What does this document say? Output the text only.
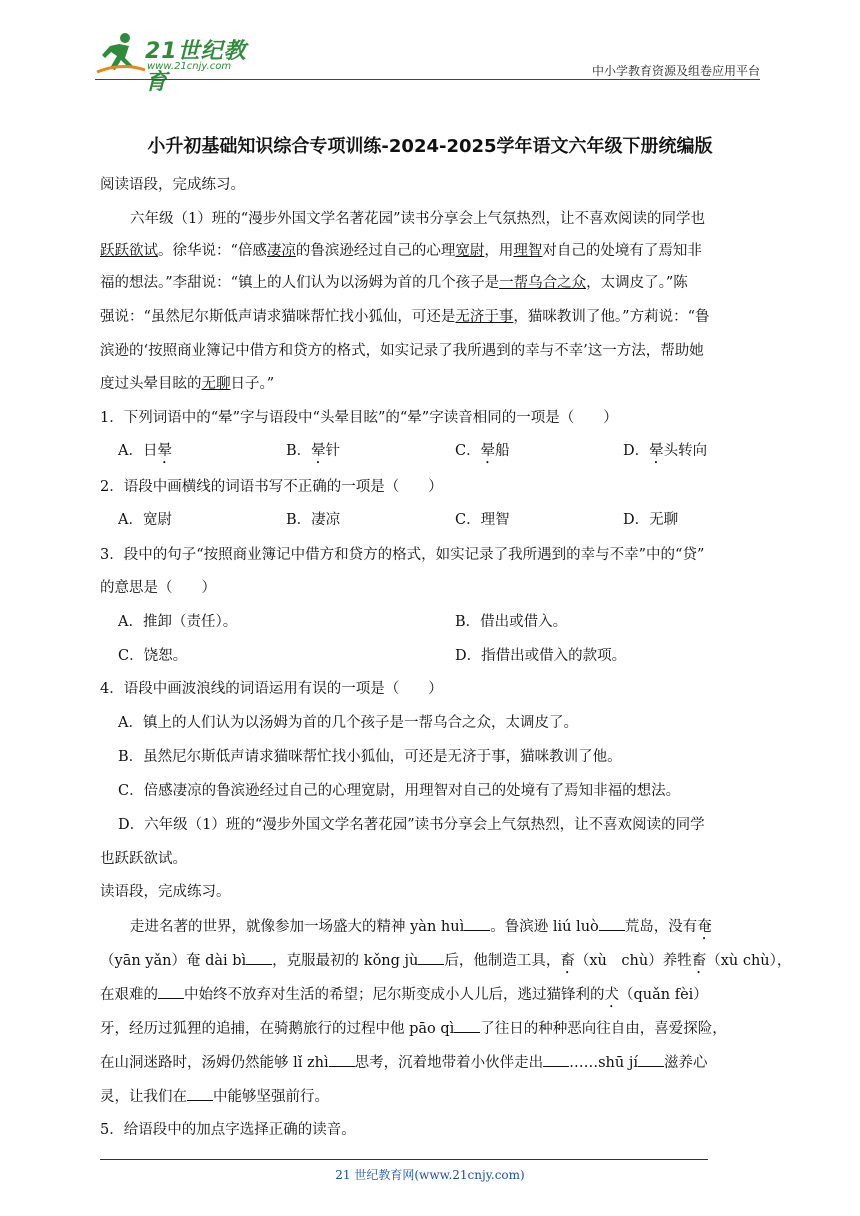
21世纪教育
www.21cnjy.com	中小学教育资源及组卷应用平台
小升初基础知识综合专项训练-2024-2025学年语文六年级下册统编版
阅读语段，完成练习。
六年级（1）班的“漫步外国文学名著花园”读书分享会上气氛热烈，让不喜欢阅读的同学也
跃跃欲试。徐华说：“倍感凄凉的鲁滨逊经过自己的心理宽尉，用理智对自己的处境有了焉知非
福的想法。”李甜说：“镇上的人们认为以汤姆为首的几个孩子是一帮乌合之众，太调皮了。”陈
强说：“虽然尼尔斯低声请求猫咪帮忙找小狐仙，可还是无济于事，猫咪教训了他。”方莉说：“鲁
滨逊的‘按照商业簿记中借方和贷方的格式，如实记录了我所遇到的幸与不幸’这一方法，帮助她
度过头晕目眩的无聊日子。”
1．下列词语中的“晕”字与语段中“头晕目眩”的“晕”字读音相同的一项是（　　）
A．日晕	B．晕针	C．晕船	D．晕头转向
2．语段中画横线的词语书写不正确的一项是（　　）
A．宽尉	B．凄凉	C．理智	D．无聊
3．段中的句子“按照商业簿记中借方和贷方的格式，如实记录了我所遇到的幸与不幸”中的“贷”
的意思是（　　）
A．推卸（责任）。	B．借出或借入。
C．饶恕。	D．指借出或借入的款项。
4．语段中画波浪线的词语运用有误的一项是（　　）
A．镇上的人们认为以汤姆为首的几个孩子是一帮乌合之众，太调皮了。
B．虽然尼尔斯低声请求猫咪帮忙找小狐仙，可还是无济于事，猫咪教训了他。
C．倍感凄凉的鲁滨逊经过自己的心理宽尉，用理智对自己的处境有了焉知非福的想法。
D．六年级（1）班的“漫步外国文学名著花园”读书分享会上气氛热烈，让不喜欢阅读的同学
也跃跃欲试。
读语段，完成练习。
走进名著的世界，就像参加一场盛大的精神 yàn huì 。鲁滨逊 liú luò 荒岛，没有奄
（yān yǎn）奄 dài bì ，克服最初的 kǒng jù 后，他制造工具，畜（xù　chù）养牲畜（xù chù），
在艰难的 中始终不放弃对生活的希望；尼尔斯变成小人儿后，逃过猫锋利的犬（quǎn fèi）
牙，经历过狐狸的追捕，在骑鹅旅行的过程中他 pāo qì 了往日的种种恶向往自由，喜爱探险，
在山洞迷路时，汤姆仍然能够 lǐ zhì 思考，沉着地带着小伙伴走出 ……shū jí 滋养心
灵，让我们在 中能够坚强前行。
5．给语段中的加点字选择正确的读音。
21 世纪教育网(www.21cnjy.com)
